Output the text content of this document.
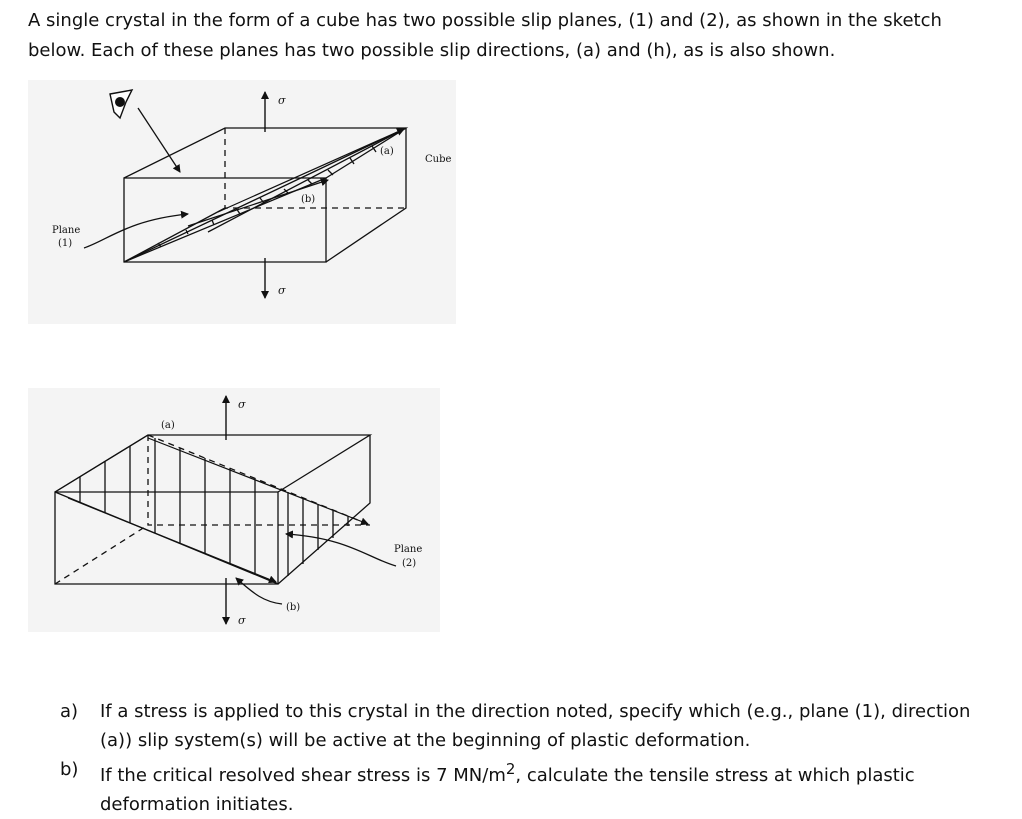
A single crystal in the form of a cube has two possible slip planes, (1) and (2), as shown in the sketch below. Each of these planes has two possible slip directions, (a) and (h), as is also shown.

σ
σ
(a)
(b)
Cube
Plane
(1)
σ
σ
(a)
(b)
Plane
(2)
a)	If a stress is applied to this crystal in the direction noted, specify which (e.g., plane (1), direction (a)) slip system(s) will be active at the beginning of plastic deformation.
b)	If the critical resolved shear stress is 7 $MN/m^2$, calculate the tensile stress at which plastic deformation initiates.
